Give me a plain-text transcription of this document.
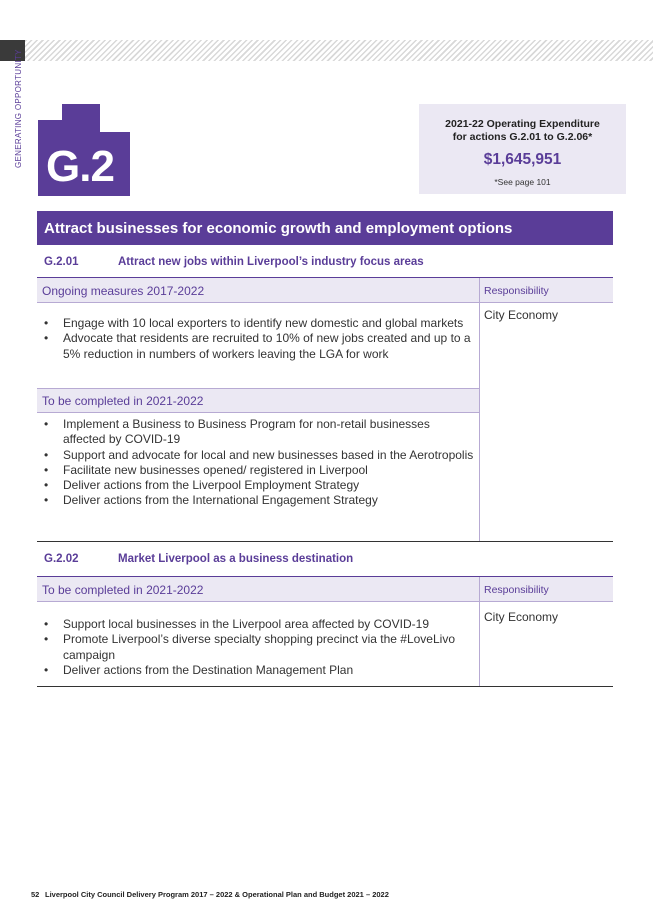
GENERATING OPPORTUNITY G.2
2021-22 Operating Expenditure
for actions G.2.01 to G.2.06*
$1,645,951
*See page 101
Attract businesses for economic growth and employment options
G.2.01	Attract new jobs within Liverpool’s industry focus areas
Ongoing measures 2017-2022	Responsibility
City Economy
• Engage with 10 local exporters to identify new domestic and global markets
• Advocate that residents are recruited to 10% of new jobs created and up to a 5% reduction in numbers of workers leaving the LGA for work
To be completed in 2021-2022
• Implement a Business to Business Program for non-retail businesses affected by COVID-19
• Support and advocate for local and new businesses based in the Aerotropolis
• Facilitate new businesses opened/ registered in Liverpool
• Deliver actions from the Liverpool Employment Strategy
• Deliver actions from the International Engagement Strategy
G.2.02	Market Liverpool as a business destination
To be completed in 2021-2022	Responsibility
City Economy
• Support local businesses in the Liverpool area affected by COVID-19
• Promote Liverpool’s diverse specialty shopping precinct via the #LoveLivo campaign
• Deliver actions from the Destination Management Plan
52 Liverpool City Council Delivery Program 2017 – 2022 & Operational Plan and Budget 2021 – 2022
